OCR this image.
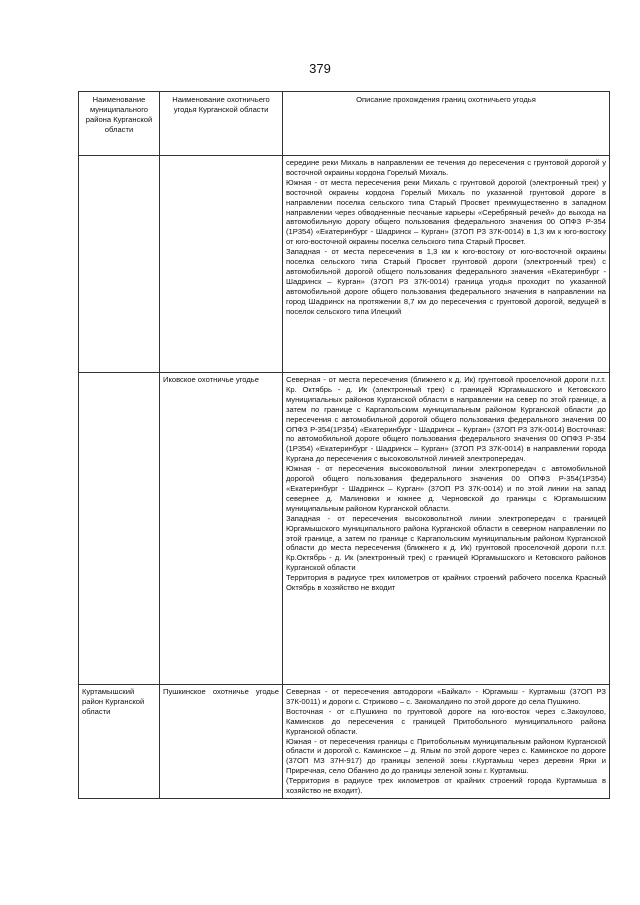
379
Наименование муниципального района Курганской области	Наименование охотничьего угодья Курганской области	Описание прохождения границ охотничьего угодья

		середине реки Михаль в направлении ее течения до пересечения с грунтовой дорогой у восточной окраины кордона Горелый Михаль.

Южная - от места пересечения реки Михаль с грунтовой дорогой (электронный трек) у восточной окраины кордона Горелый Михаль по указанной грунтовой дороге в направлении поселка сельского типа Старый Просвет преимущественно в западном направлении через обводненные песчаные карьеры «Серебряный речей» до выхода на автомобильную дорогу общего пользования федерального значения 00 ОПФЗ Р-354 (1Р354) «Екатеринбург - Шадринск – Курган» (37ОП РЗ 37К-0014) в 1,3 км к юго-востоку от юго-восточной окраины поселка сельского типа Старый Просвет.

Западная - от места пересечения в 1,3 км к юго-востоку от юго-восточной окраины поселка сельского типа Старый Просвет грунтовой дороги (электронный трек) с автомобильной дорогой общего пользования федерального значения «Екатеринбург - Шадринск – Курган» (37ОП РЗ 37К-0014) граница угодья проходит по указанной автомобильной дороге общего пользования федерального значения в направлении на город Шадринск на протяжении 8,7 км до пересечения с грунтовой дорогой, ведущей в поселок сельского типа Илецкий

	Иковское охотничье угодье	Северная - от места пересечения (ближнего к д. Ик) грунтовой проселочной дороги п.г.т. Кр. Октябрь - д. Ик (электронный трек) с границей Юргамышского и Кетовского муниципальных районов Курганской области в направлении на север по этой границе, а затем по границе с Каргапольским муниципальным районом Курганской области до пересечения с автомобильной дорогой общего пользования федерального значения 00 ОПФЗ Р-354(1Р354) «Екатеринбург - Шадринск – Курган» (37ОП РЗ 37К-0014) Восточная: по автомобильной дороге общего пользования федерального значения 00 ОПФЗ Р-354 (1Р354) «Екатеринбург - Шадринск – Курган» (37ОП РЗ 37К-0014) в направлении города Кургана до пересечения с высоковольтной линией электропередач.

Южная - от пересечения высоковольтной линии электропередач с автомобильной дорогой общего пользования федерального значения 00 ОПФЗ Р-354(1Р354) «Екатеринбург - Шадринск – Курган» (37ОП РЗ 37К-0014) и по этой линии на запад севернее д. Малиновки и южнее д. Черновской до границы с Юргамышским муниципальным районом Курганской области.

Западная - от пересечения высоковольтной линии электропередач с границей Юргамышского муниципального района Курганской области в северном направлении по этой границе, а затем по границе с Каргапольским муниципальным районом Курганской области до места пересечения (ближнего к д. Ик) грунтовой проселочной дороги п.г.т. Кр.Октябрь - д. Ик (электронный трек) с границей Юргамышского и Кетовского районов Курганской области

Территория в радиусе трех километров от крайних строений рабочего поселка Красный Октябрь в хозяйство не входит

Куртамышский район Курганской области	Пушкинское охотничье угодье	Северная - от пересечения автодороги «Байкал» - Юргамыш - Куртамыш (37ОП РЗ 37К-0011) и дороги с. Стрижово – с. Закомалдино по этой дороге до села Пушкино.

Восточная - от с.Пушкино по грунтовой дороге на юго-восток через с.Закоулово, Каминсков до пересечения с границей Притобольного муниципального района Курганской области.

Южная - от пересечения границы с Притобольным муниципальным районом Курганской области и дорогой с. Каминское – д. Ялым по этой дороге через с. Каминское по дороге (37ОП МЗ 37Н-917) до границы зеленой зоны г.Куртамыш через деревни Ярки и Приречная, село Обанино до до границы зеленой зоны г. Куртамыш.

(Территория в радиусе трех километров от крайних строений города Куртамыша в хозяйство не входит).
